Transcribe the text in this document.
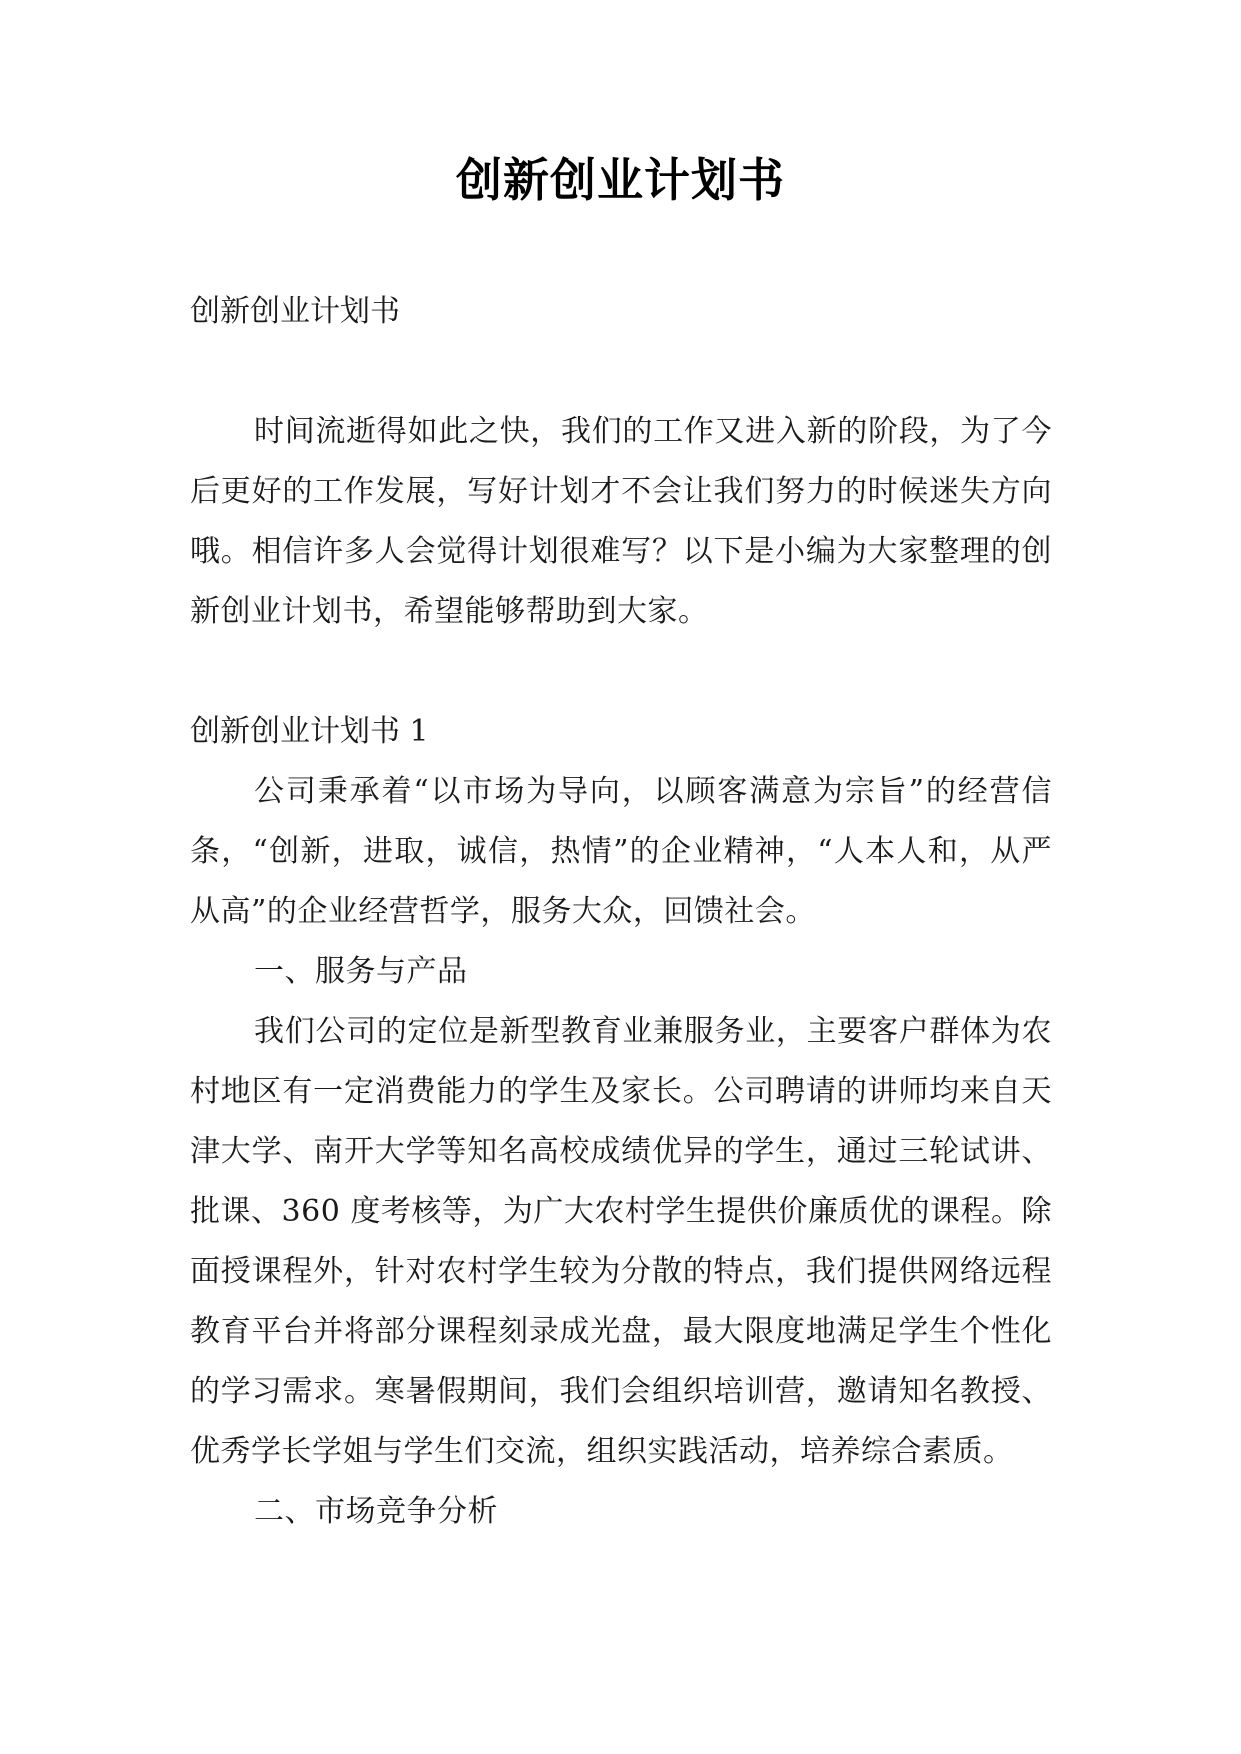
创新创业计划书

创新创业计划书

时间流逝得如此之快，我们的工作又进入新的阶段，为了今后更好的工作发展，写好计划才不会让我们努力的时候迷失方向哦。相信许多人会觉得计划很难写？以下是小编为大家整理的创新创业计划书，希望能够帮助到大家。

创新创业计划书 1

公司秉承着“以市场为导向，以顾客满意为宗旨”的经营信条，“创新，进取，诚信，热情”的企业精神，“人本人和，从严从高”的企业经营哲学，服务大众，回馈社会。

一、服务与产品

我们公司的定位是新型教育业兼服务业，主要客户群体为农村地区有一定消费能力的学生及家长。公司聘请的讲师均来自天津大学、南开大学等知名高校成绩优异的学生，通过三轮试讲、批课、360 度考核等，为广大农村学生提供价廉质优的课程。除面授课程外，针对农村学生较为分散的特点，我们提供网络远程教育平台并将部分课程刻录成光盘，最大限度地满足学生个性化的学习需求。寒暑假期间，我们会组织培训营，邀请知名教授、优秀学长学姐与学生们交流，组织实践活动，培养综合素质。

二、市场竞争分析
